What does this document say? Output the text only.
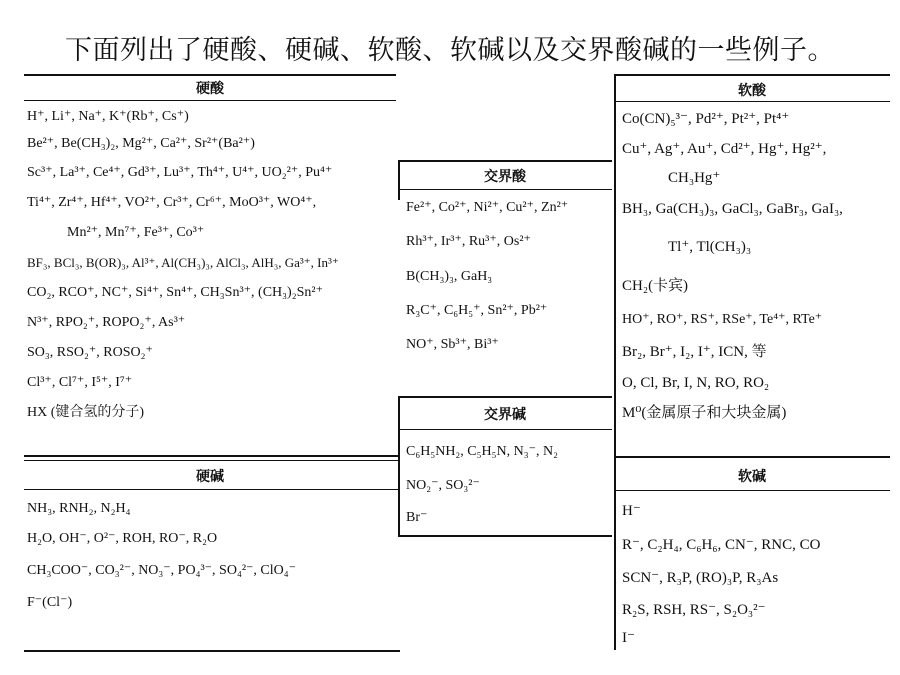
下面列出了硬酸、硬碱、软酸、软碱以及交界酸碱的一些例子。
硬酸
H⁺, Li⁺, Na⁺, K⁺(Rb⁺, Cs⁺)
Be²⁺, Be(CH₃)₂, Mg²⁺, Ca²⁺, Sr²⁺(Ba²⁺)
Sc³⁺, La³⁺, Ce⁴⁺, Gd³⁺, Lu³⁺, Th⁴⁺, U⁴⁺, UO₂²⁺, Pu⁴⁺
Ti⁴⁺, Zr⁴⁺, Hf⁴⁺, VO²⁺, Cr³⁺, Cr⁶⁺, MoO³⁺, WO⁴⁺,
Mn²⁺, Mn⁷⁺, Fe³⁺, Co³⁺
BF₃, BCl₃, B(OR)₃, Al³⁺, Al(CH₃)₃, AlCl₃, AlH₃, Ga³⁺, In³⁺
CO₂, RCO⁺, NC⁺, Si⁴⁺, Sn⁴⁺, CH₃Sn³⁺, (CH₃)₂Sn²⁺
N³⁺, RPO₂⁺, ROPO₂⁺, As³⁺
SO₃, RSO₂⁺, ROSO₂⁺
Cl³⁺, Cl⁷⁺, I⁵⁺, I⁷⁺
HX (键合氢的分子)
硬碱
NH₃, RNH₂, N₂H₄
H₂O, OH⁻, O²⁻, ROH, RO⁻, R₂O
CH₃COO⁻, CO₃²⁻, NO₃⁻, PO₄³⁻, SO₄²⁻, ClO₄⁻
F⁻(Cl⁻)
交界酸
Fe²⁺, Co²⁺, Ni²⁺, Cu²⁺, Zn²⁺
Rh³⁺, Ir³⁺, Ru³⁺, Os²⁺
B(CH₃)₃, GaH₃
R₃C⁺, C₆H₅⁺, Sn²⁺, Pb²⁺
NO⁺, Sb³⁺, Bi³⁺
交界碱
C₆H₅NH₂, C₅H₅N, N₃⁻, N₂
NO₂⁻, SO₃²⁻
Br⁻
软酸
Co(CN)₅³⁻, Pd²⁺, Pt²⁺, Pt⁴⁺
Cu⁺, Ag⁺, Au⁺, Cd²⁺, Hg⁺, Hg²⁺,
CH₃Hg⁺
BH₃, Ga(CH₃)₃, GaCl₃, GaBr₃, GaI₃,
Tl⁺, Tl(CH₃)₃
CH₂(卡宾)
HO⁺, RO⁺, RS⁺, RSe⁺, Te⁴⁺, RTe⁺
Br₂, Br⁺, I₂, I⁺, ICN, 等
O, Cl, Br, I, N, RO, RO₂
M⁰(金属原子和大块金属)
软碱
H⁻
R⁻, C₂H₄, C₆H₆, CN⁻, RNC, CO
SCN⁻, R₃P, (RO)₃P, R₃As
R₂S, RSH, RS⁻, S₂O₃²⁻
I⁻
